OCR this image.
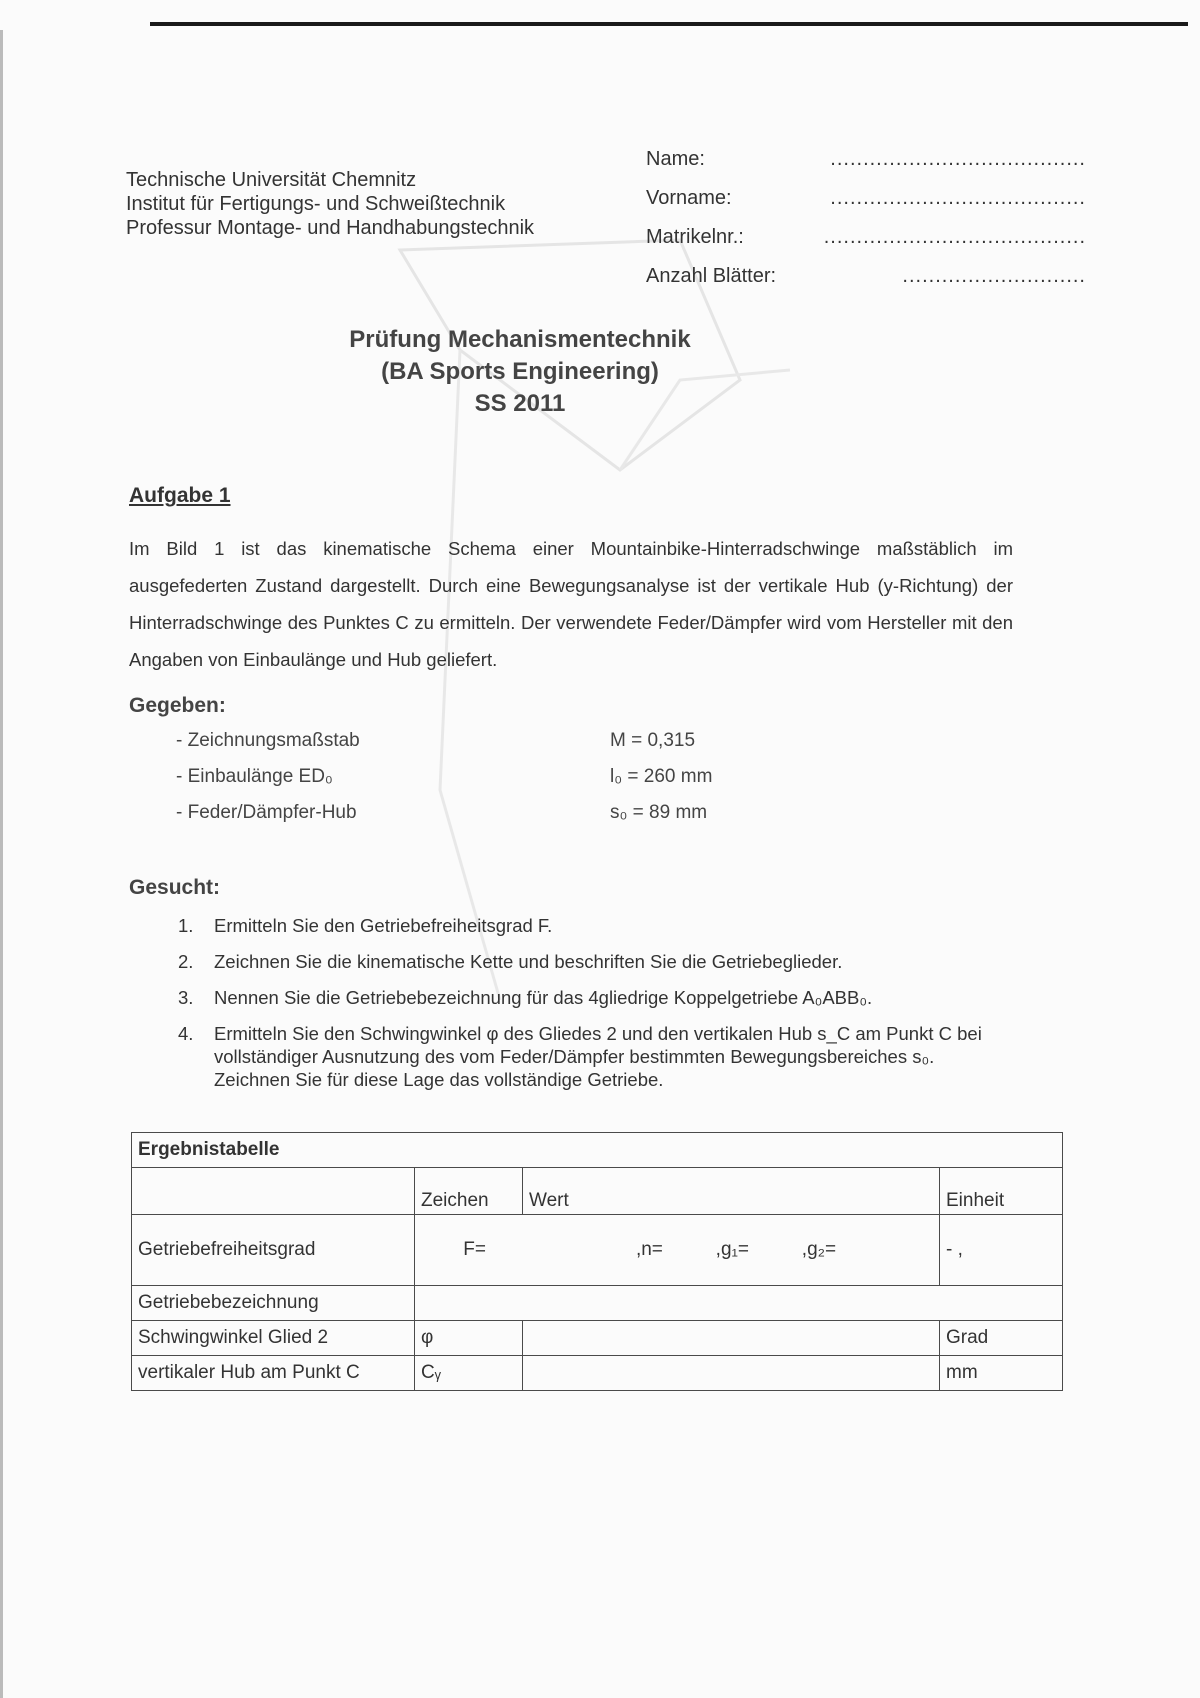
Technische Universität Chemnitz
Institut für Fertigungs- und Schweißtechnik
Professur Montage- und Handhabungstechnik
Name:	.......................................
Vorname:	.......................................
Matrikelnr.:	........................................
Anzahl Blätter:	............................
Prüfung Mechanismentechnik
(BA Sports Engineering)
SS 2011
Aufgabe 1
Im Bild 1 ist das kinematische Schema einer Mountainbike-Hinterradschwinge maßstäblich im ausgefederten Zustand dargestellt. Durch eine Bewegungsanalyse ist der vertikale Hub (y-Richtung) der Hinterradschwinge des Punktes C zu ermitteln. Der verwendete Feder/Dämpfer wird vom Hersteller mit den Angaben von Einbaulänge und Hub geliefert.
Gegeben:
- Zeichnungsmaßstab	M = 0,315
- Einbaulänge ED₀	l₀ = 260 mm
- Feder/Dämpfer-Hub	s₀ = 89 mm
Gesucht:
1. Ermitteln Sie den Getriebefreiheitsgrad F.
2. Zeichnen Sie die kinematische Kette und beschriften Sie die Getriebeglieder.
3. Nennen Sie die Getriebebezeichnung für das 4gliedrige Koppelgetriebe A₀ABB₀.
4. Ermitteln Sie den Schwingwinkel φ des Gliedes 2 und den vertikalen Hub s_C am Punkt C bei vollständiger Ausnutzung des vom Feder/Dämpfer bestimmten Bewegungsbereiches s₀. Zeichnen Sie für diese Lage das vollständige Getriebe.
Ergebnistabelle			
	Zeichen	Wert	Einheit
Getriebefreiheitsgrad	F= ,n=          ,g₁=          ,g₂=		- ,
Getriebebezeichnung			
Schwingwinkel Glied 2	φ		Grad
vertikaler Hub am Punkt C	Cᵧ		mm
